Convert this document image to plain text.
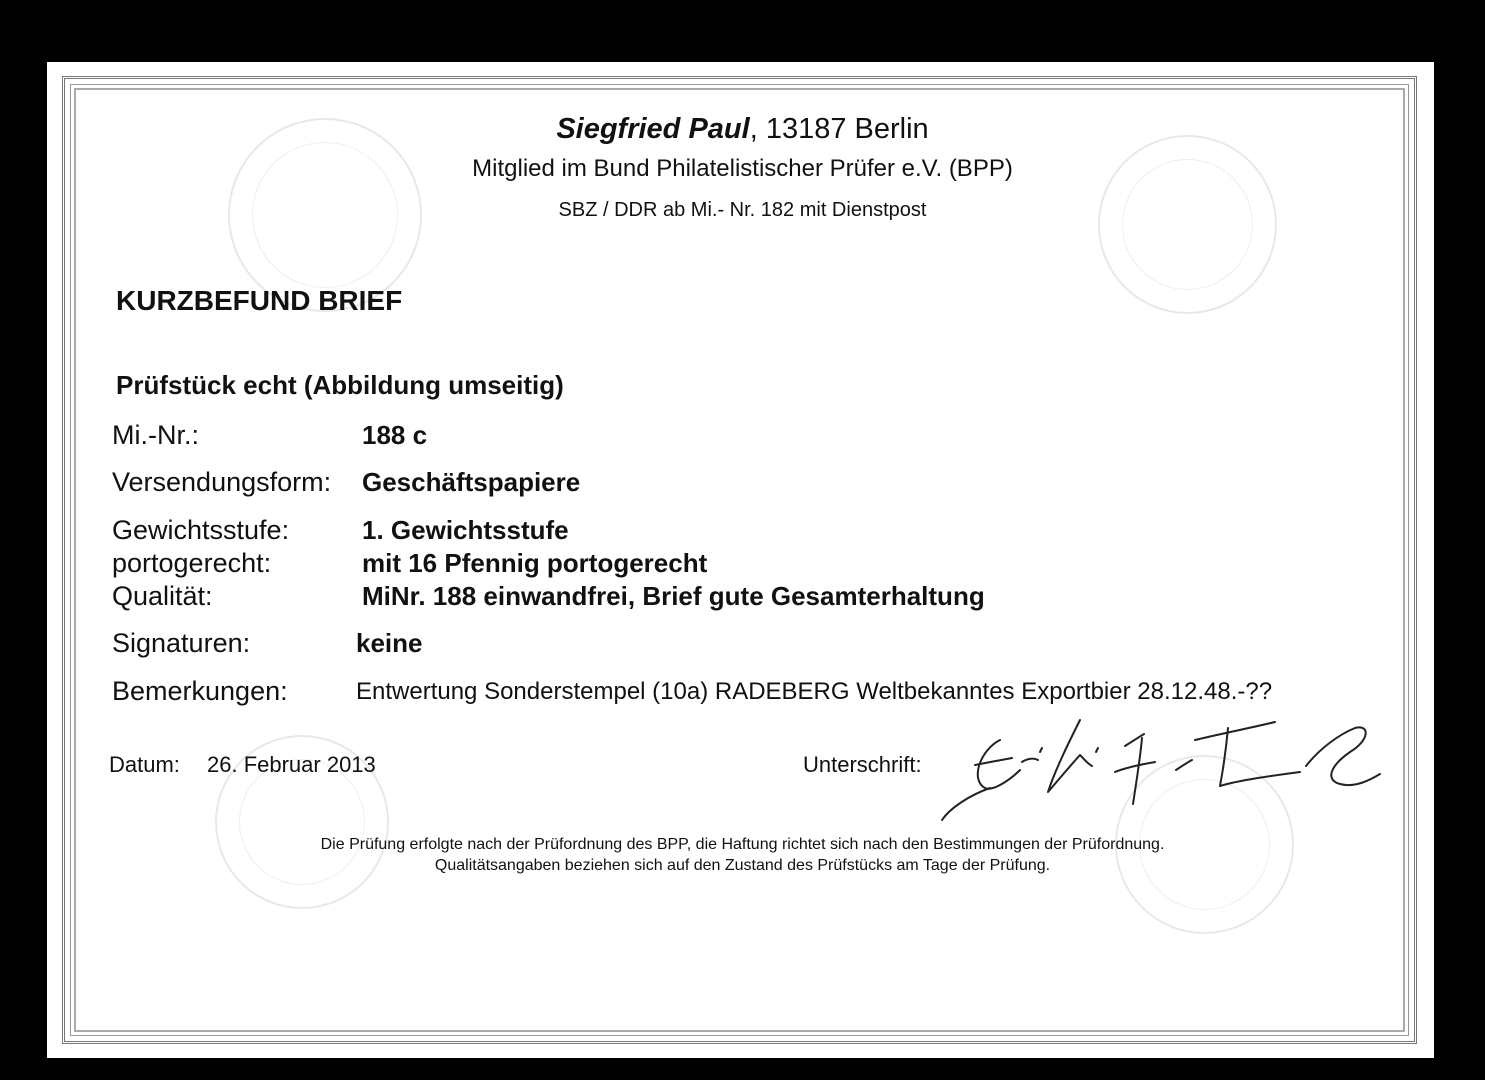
Siegfried Paul, 13187 Berlin
Mitglied im Bund Philatelistischer Prüfer e.V. (BPP)
SBZ / DDR ab Mi.- Nr. 182 mit Dienstpost
KURZBEFUND BRIEF
Prüfstück echt (Abbildung umseitig)
Mi.-Nr.:	188 c
Versendungsform: Geschäftspapiere
Gewichtsstufe:	1. Gewichtsstufe
portogerecht:	mit 16 Pfennig portogerecht
Qualität:	MiNr. 188 einwandfrei, Brief gute Gesamterhaltung
Signaturen:	keine
Bemerkungen:	Entwertung Sonderstempel (10a) RADEBERG Weltbekanntes Exportbier 28.12.48.-??
Datum: 26. Februar 2013	Unterschrift:
Die Prüfung erfolgte nach der Prüfordnung des BPP, die Haftung richtet sich nach den Bestimmungen der Prüfordnung.
Qualitätsangaben beziehen sich auf den Zustand des Prüfstücks am Tage der Prüfung.
